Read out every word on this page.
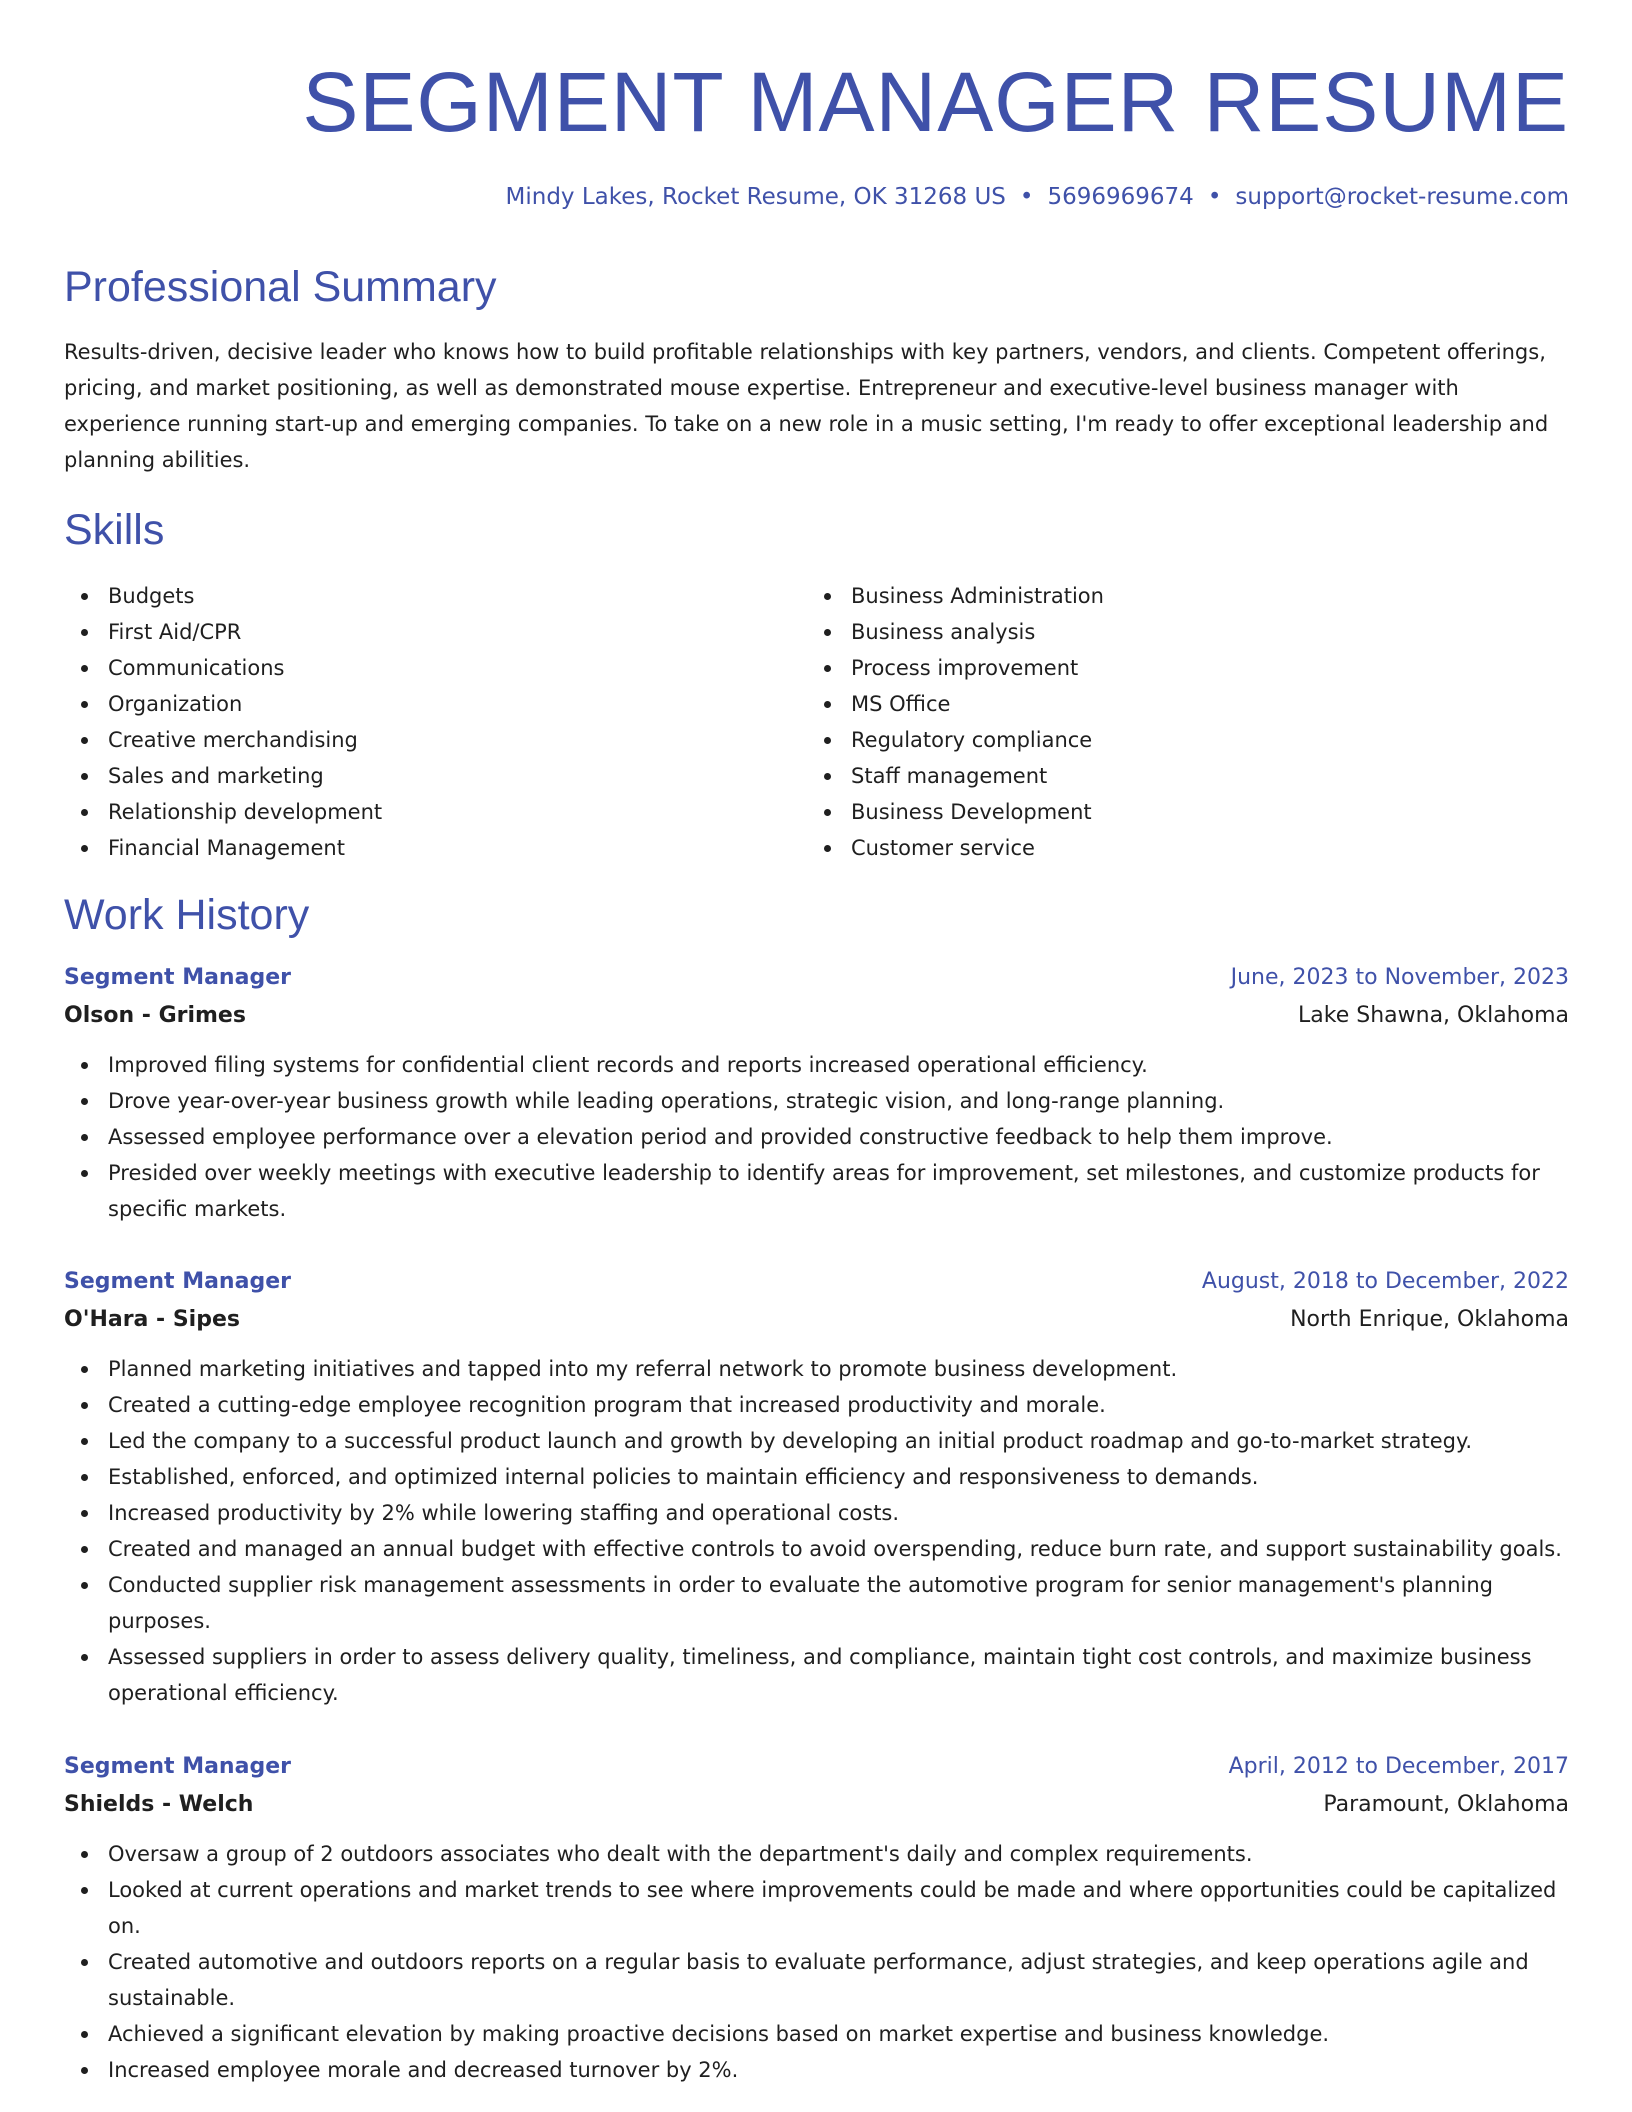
SEGMENT MANAGER RESUME
Mindy Lakes, Rocket Resume, OK 31268 US • 5696969674 • support@rocket-resume.com
Professional Summary

Results-driven, decisive leader who knows how to build profitable relationships with key partners, vendors, and clients. Competent offerings, pricing, and market positioning, as well as demonstrated mouse expertise. Entrepreneur and executive-level business manager with experience running start-up and emerging companies. To take on a new role in a music setting, I'm ready to offer exceptional leadership and planning abilities.

Skills
Budgets
First Aid/CPR
Communications
Organization
Creative merchandising
Sales and marketing
Relationship development
Financial Management
Business Administration
Business analysis
Process improvement
MS Office
Regulatory compliance
Staff management
Business Development
Customer service
Work History
Segment Manager	June, 2023 to November, 2023
Olson - Grimes	Lake Shawna, Oklahoma
Improved filing systems for confidential client records and reports increased operational efficiency.
Drove year-over-year business growth while leading operations, strategic vision, and long-range planning.
Assessed employee performance over a elevation period and provided constructive feedback to help them improve.
Presided over weekly meetings with executive leadership to identify areas for improvement, set milestones, and customize products for specific markets.
Segment Manager	August, 2018 to December, 2022
O'Hara - Sipes	North Enrique, Oklahoma
Planned marketing initiatives and tapped into my referral network to promote business development.
Created a cutting-edge employee recognition program that increased productivity and morale.
Led the company to a successful product launch and growth by developing an initial product roadmap and go-to-market strategy.
Established, enforced, and optimized internal policies to maintain efficiency and responsiveness to demands.
Increased productivity by 2% while lowering staffing and operational costs.
Created and managed an annual budget with effective controls to avoid overspending, reduce burn rate, and support sustainability goals.
Conducted supplier risk management assessments in order to evaluate the automotive program for senior management's planning purposes.
Assessed suppliers in order to assess delivery quality, timeliness, and compliance, maintain tight cost controls, and maximize business operational efficiency.
Segment Manager	April, 2012 to December, 2017
Shields - Welch	Paramount, Oklahoma
Oversaw a group of 2 outdoors associates who dealt with the department's daily and complex requirements.
Looked at current operations and market trends to see where improvements could be made and where opportunities could be capitalized on.
Created automotive and outdoors reports on a regular basis to evaluate performance, adjust strategies, and keep operations agile and sustainable.
Achieved a significant elevation by making proactive decisions based on market expertise and business knowledge.
Increased employee morale and decreased turnover by 2%.
